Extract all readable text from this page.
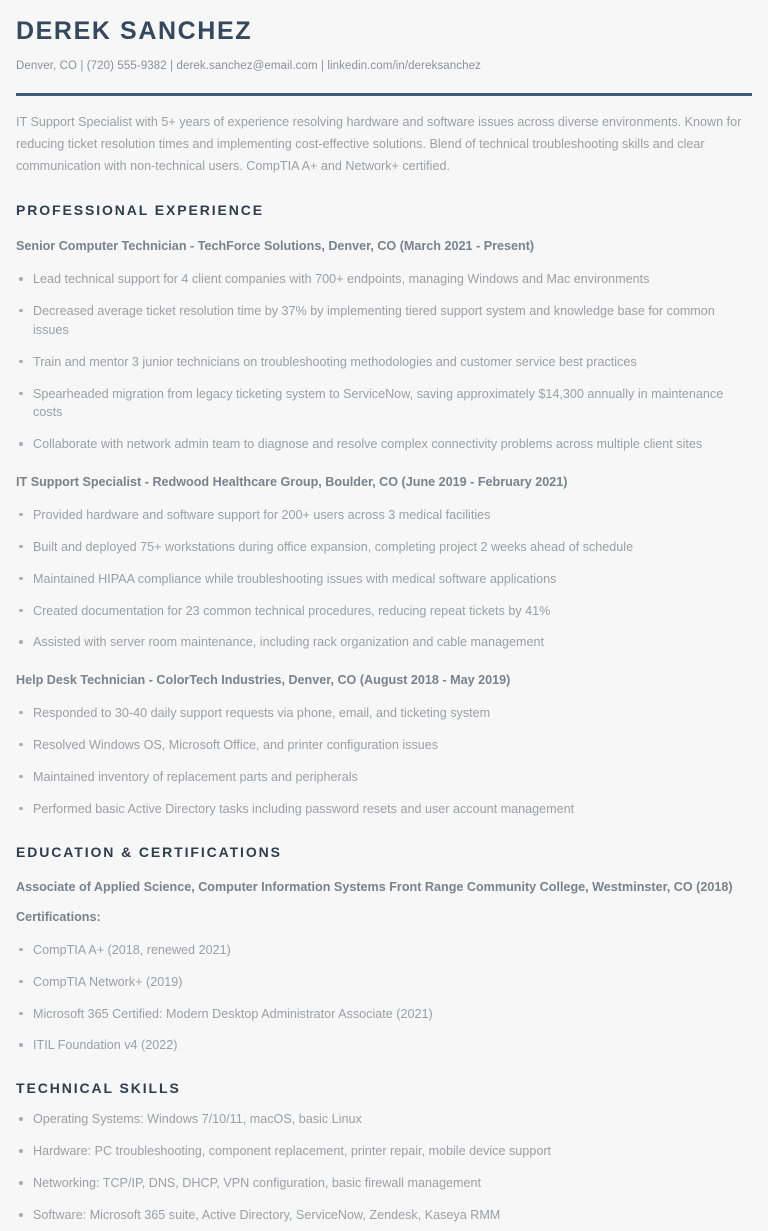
DEREK SANCHEZ
Denver, CO | (720) 555-9382 | derek.sanchez@email.com | linkedin.com/in/dereksanchez
IT Support Specialist with 5+ years of experience resolving hardware and software issues across diverse environments. Known for reducing ticket resolution times and implementing cost-effective solutions. Blend of technical troubleshooting skills and clear communication with non-technical users. CompTIA A+ and Network+ certified.
PROFESSIONAL EXPERIENCE
Senior Computer Technician - TechForce Solutions, Denver, CO (March 2021 - Present)
Lead technical support for 4 client companies with 700+ endpoints, managing Windows and Mac environments
Decreased average ticket resolution time by 37% by implementing tiered support system and knowledge base for common issues
Train and mentor 3 junior technicians on troubleshooting methodologies and customer service best practices
Spearheaded migration from legacy ticketing system to ServiceNow, saving approximately $14,300 annually in maintenance costs
Collaborate with network admin team to diagnose and resolve complex connectivity problems across multiple client sites
IT Support Specialist - Redwood Healthcare Group, Boulder, CO (June 2019 - February 2021)
Provided hardware and software support for 200+ users across 3 medical facilities
Built and deployed 75+ workstations during office expansion, completing project 2 weeks ahead of schedule
Maintained HIPAA compliance while troubleshooting issues with medical software applications
Created documentation for 23 common technical procedures, reducing repeat tickets by 41%
Assisted with server room maintenance, including rack organization and cable management
Help Desk Technician - ColorTech Industries, Denver, CO (August 2018 - May 2019)
Responded to 30-40 daily support requests via phone, email, and ticketing system
Resolved Windows OS, Microsoft Office, and printer configuration issues
Maintained inventory of replacement parts and peripherals
Performed basic Active Directory tasks including password resets and user account management
EDUCATION & CERTIFICATIONS
Associate of Applied Science, Computer Information Systems Front Range Community College, Westminster, CO (2018)
Certifications:
CompTIA A+ (2018, renewed 2021)
CompTIA Network+ (2019)
Microsoft 365 Certified: Modern Desktop Administrator Associate (2021)
ITIL Foundation v4 (2022)
TECHNICAL SKILLS
Operating Systems: Windows 7/10/11, macOS, basic Linux
Hardware: PC troubleshooting, component replacement, printer repair, mobile device support
Networking: TCP/IP, DNS, DHCP, VPN configuration, basic firewall management
Software: Microsoft 365 suite, Active Directory, ServiceNow, Zendesk, Kaseya RMM
